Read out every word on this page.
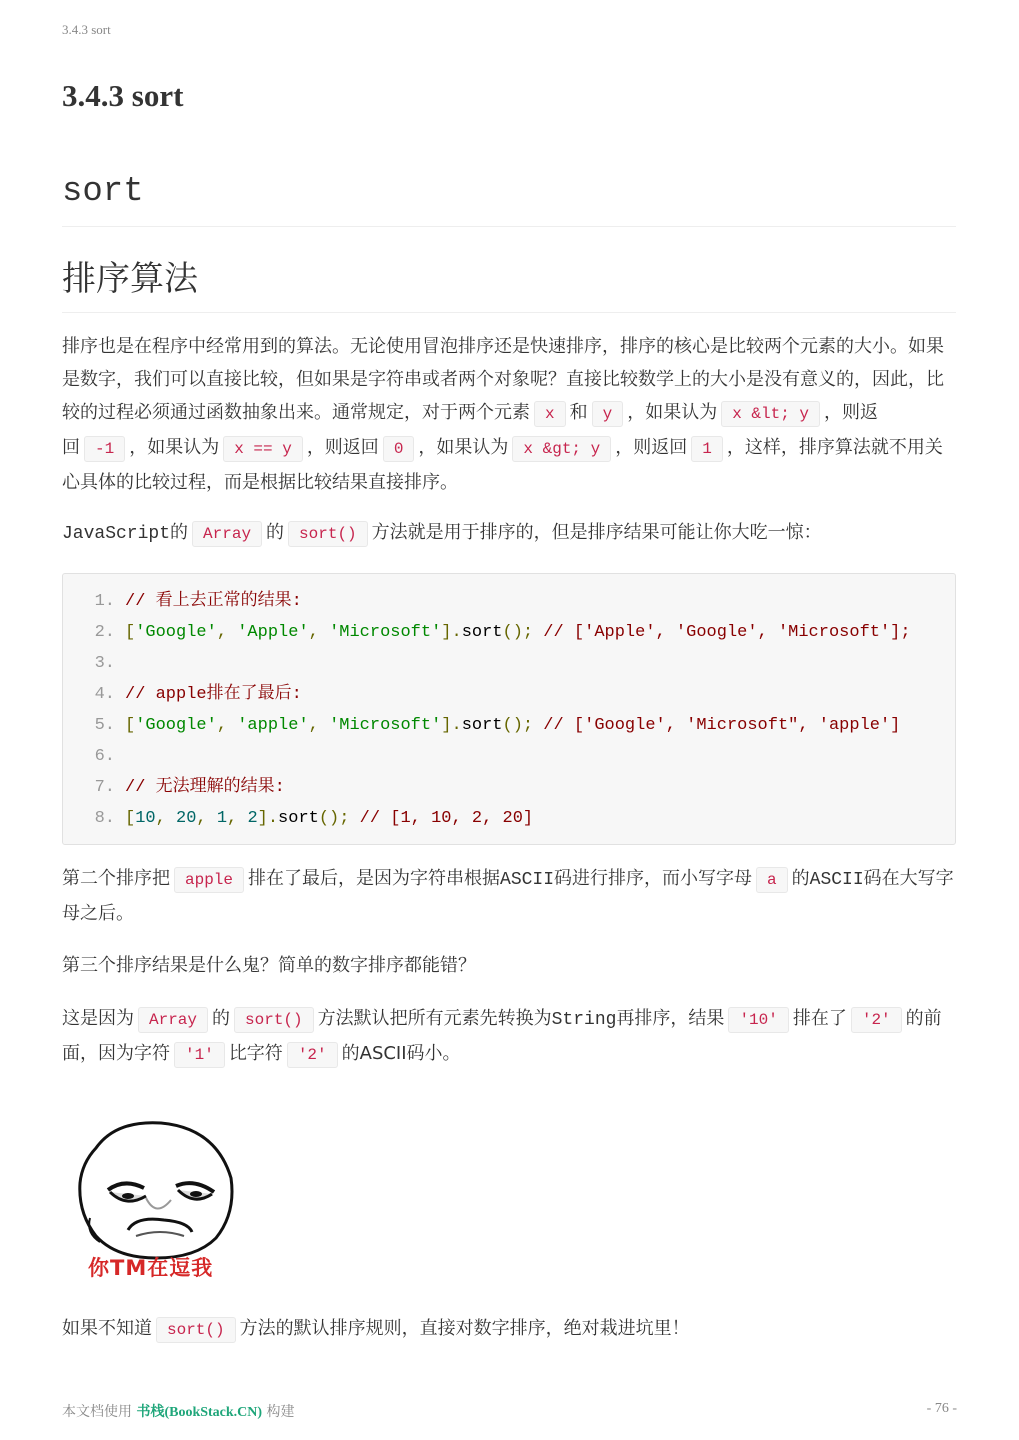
3.4.3 sort
3.4.3 sort
sort
排序算法

排序也是在程序中经常用到的算法。无论使用冒泡排序还是快速排序，排序的核心是比较两个元素的大小。如果是数字，我们可以直接比较，但如果是字符串或者两个对象呢？直接比较数学上的大小是没有意义的，因此，比较的过程必须通过函数抽象出来。通常规定，对于两个元素 x 和 y ，如果认为 x &lt; y ，则返回 -1 ，如果认为 x == y ，则返回 0 ，如果认为 x &gt; y ，则返回 1 ，这样，排序算法就不用关心具体的比较过程，而是根据比较结果直接排序。

JavaScript的 Array 的 sort() 方法就是用于排序的，但是排序结果可能让你大吃一惊：

1. // 看上去正常的结果:
2. ['Google', 'Apple', 'Microsoft'].sort(); // ['Apple', 'Google', 'Microsoft'];
3.
4. // apple排在了最后:
5. ['Google', 'apple', 'Microsoft'].sort(); // ['Google', 'Microsoft", 'apple']
6.
7. // 无法理解的结果:
8. [10, 20, 1, 2].sort(); // [1, 10, 2, 20]

第二个排序把 apple 排在了最后，是因为字符串根据ASCII码进行排序，而小写字母 a 的ASCII码在大写字母之后。

第三个排序结果是什么鬼？简单的数字排序都能错？

这是因为 Array 的 sort() 方法默认把所有元素先转换为String再排序，结果 '10' 排在了 '2' 的前面，因为字符 '1' 比字符 '2' 的ASCII码小。

你TM在逗我

如果不知道 sort() 方法的默认排序规则，直接对数字排序，绝对栽进坑里！

本文档使用 书栈(BookStack.CN) 构建	- 76 -
